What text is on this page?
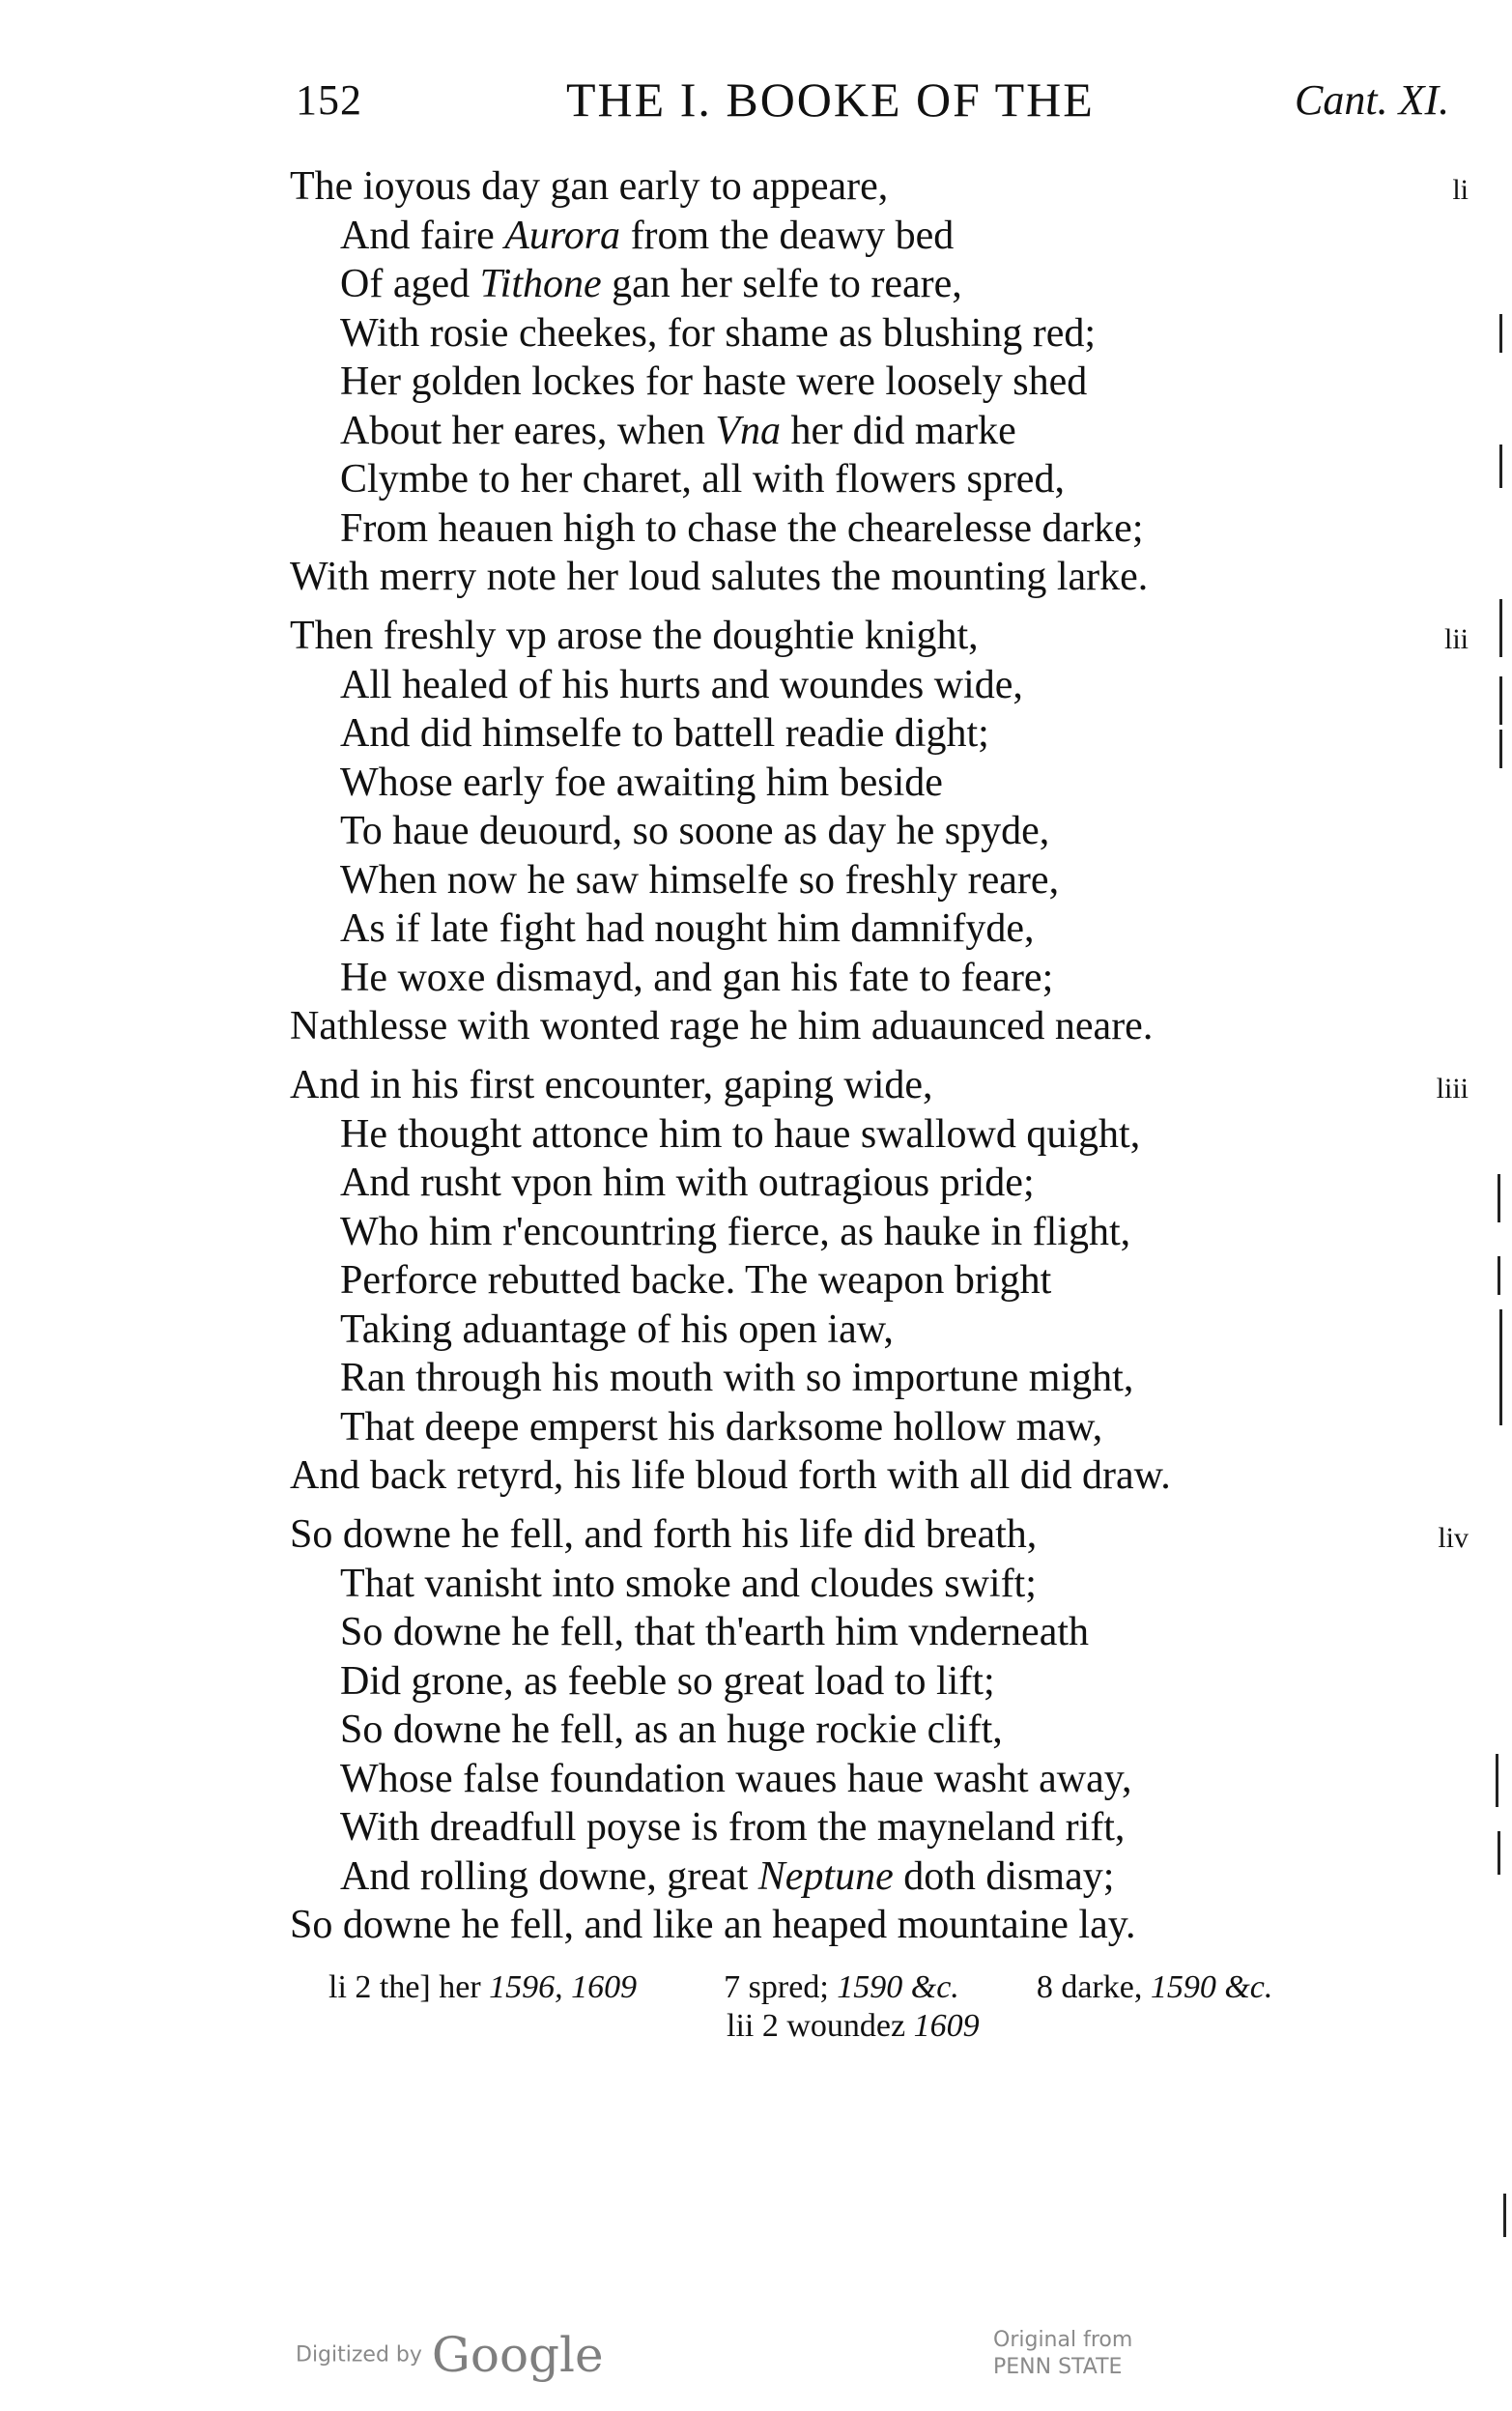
152	THE I. BOOKE OF THE	Cant. XI.
li
The ioyous day gan early to appeare,
And faire Aurora from the deawy bed
Of aged Tithone gan her selfe to reare,
With rosie cheekes, for shame as blushing red;
Her golden lockes for haste were loosely shed
About her eares, when Vna her did marke
Clymbe to her charet, all with flowers spred,
From heauen high to chase the chearelesse darke;
With merry note her loud salutes the mounting larke.
lii
Then freshly vp arose the doughtie knight,
All healed of his hurts and woundes wide,
And did himselfe to battell readie dight;
Whose early foe awaiting him beside
To haue deuourd, so soone as day he spyde,
When now he saw himselfe so freshly reare,
As if late fight had nought him damnifyde,
He woxe dismayd, and gan his fate to feare;
Nathlesse with wonted rage he him aduaunced neare.
liii
And in his first encounter, gaping wide,
He thought attonce him to haue swallowd quight,
And rusht vpon him with outragious pride;
Who him r'encountring fierce, as hauke in flight,
Perforce rebutted backe. The weapon bright
Taking aduantage of his open iaw,
Ran through his mouth with so importune might,
That deepe emperst his darksome hollow maw,
And back retyrd, his life bloud forth with all did draw.
liv
So downe he fell, and forth his life did breath,
That vanisht into smoke and cloudes swift;
So downe he fell, that th'earth him vnderneath
Did grone, as feeble so great load to lift;
So downe he fell, as an huge rockie clift,
Whose false foundation waues haue washt away,
With dreadfull poyse is from the mayneland rift,
And rolling downe, great Neptune doth dismay;
So downe he fell, and like an heaped mountaine lay.
li 2 the] her 1596, 1609	7 spred; 1590 &c. 8 darke, 1590 &c.
lii 2 woundez 1609
Digitized by Google	Original from
PENN STATE
